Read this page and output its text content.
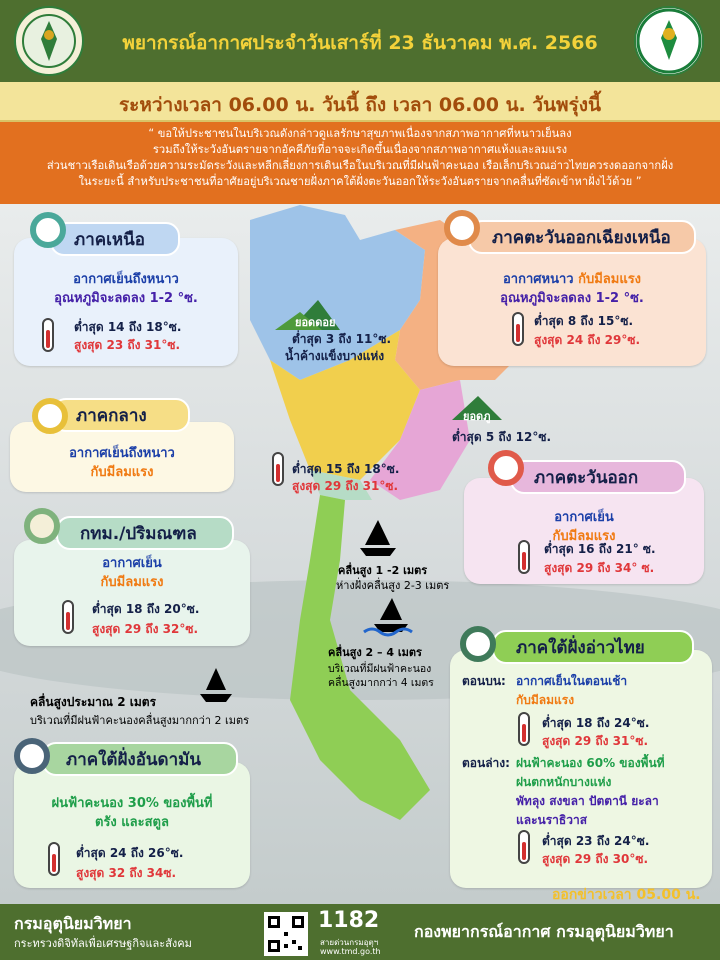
พยากรณ์อากาศประจำวันเสาร์ที่ 23 ธันวาคม พ.ศ. 2566
ระหว่างเวลา 06.00 น. วันนี้ ถึง เวลา 06.00 น. วันพรุ่งนี้
“ ขอให้ประชาชนในบริเวณดังกล่าวดูแลรักษาสุขภาพเนื่องจากสภาพอากาศที่หนาวเย็นลง
รวมถึงให้ระวังอันตรายจากอัคคีภัยที่อาจจะเกิดขึ้นเนื่องจากสภาพอากาศแห้งและลมแรง
ส่วนชาวเรือเดินเรือด้วยความระมัดระวังและหลีกเลี่ยงการเดินเรือในบริเวณที่มีฝนฟ้าคะนอง เรือเล็กบริเวณอ่าวไทยควรงดออกจากฝั่ง
ในระยะนี้ สำหรับประชาชนที่อาศัยอยู่บริเวณชายฝั่งภาคใต้ฝั่งตะวันออกให้ระวังอันตรายจากคลื่นที่ซัดเข้าหาฝั่งไว้ด้วย ”
ยอดดอย
ต่ำสุด 3 ถึง 11°ซ.
น้ำค้างแข็งบางแห่ง
ยอดภู
ต่ำสุด 5 ถึง 12°ซ.
คลื่นสูง 1 -2 เมตร
ห่างฝั่งคลื่นสูง 2-3 เมตร
คลื่นสูง 2 – 4 เมตร
บริเวณที่มีฝนฟ้าคะนอง
คลื่นสูงมากกว่า 4 เมตร
คลื่นสูงประมาณ 2 เมตร
บริเวณที่มีฝนฟ้าคะนองคลื่นสูงมากกว่า 2 เมตร
อากาศเย็นถึงหนาว
อุณหภูมิจะลดลง 1-2 °ซ.
ต่ำสุด 14 ถึง 18°ซ.
สูงสุด 23 ถึง 31°ซ.
ภาคเหนือ
อากาศหนาว กับมีลมแรง
อุณหภูมิจะลดลง 1-2 °ซ.
ต่ำสุด 8 ถึง 15°ซ.
สูงสุด 24 ถึง 29°ซ.
ภาคตะวันออกเฉียงเหนือ
อากาศเย็นถึงหนาว
กับมีลมแรง
ภาคกลาง
ต่ำสุด 15 ถึง 18°ซ.
สูงสุด 29 ถึง 31°ซ.
อากาศเย็น
กับมีลมแรง
ต่ำสุด 16 ถึง 21° ซ.
สูงสุด 29 ถึง 34° ซ.
ภาคตะวันออก
อากาศเย็น
กับมีลมแรง
ต่ำสุด 18 ถึง 20°ซ.
สูงสุด 29 ถึง 32°ซ.
กทม./ปริมณฑล
ตอนบน: อากาศเย็นในตอนเช้า
กับมีลมแรง
ต่ำสุด 18 ถึง 24°ซ.
สูงสุด 29 ถึง 31°ซ.
ตอนล่าง: ฝนฟ้าคะนอง 60% ของพื้นที่
ฝนตกหนักบางแห่ง
พัทลุง สงขลา ปัตตานี ยะลา
และนราธิวาส
ต่ำสุด 23 ถึง 24°ซ.
สูงสุด 29 ถึง 30°ซ.
ภาคใต้ฝั่งอ่าวไทย
ฝนฟ้าคะนอง 30% ของพื้นที่
ตรัง และสตูล
ต่ำสุด 24 ถึง 26°ซ.
สูงสุด 32 ถึง 34ซ.
ภาคใต้ฝั่งอันดามัน
ออกข่าวเวลา 05.00 น.
กรมอุตุนิยมวิทยา
กระทรวงดิจิทัลเพื่อเศรษฐกิจและสังคม
1182
สายด่วนกรมอุตุฯ
www.tmd.go.th
กองพยากรณ์อากาศ กรมอุตุนิยมวิทยา
